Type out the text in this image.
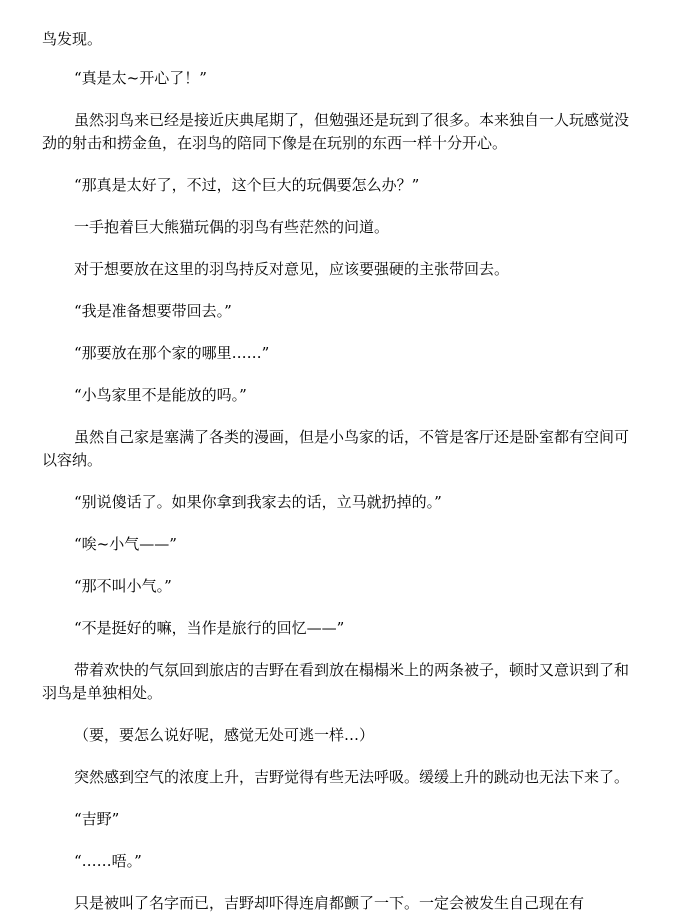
鸟发现。

“真是太~开心了！”

虽然羽鸟来已经是接近庆典尾期了，但勉强还是玩到了很多。本来独自一人玩感觉没劲的射击和捞金鱼，在羽鸟的陪同下像是在玩别的东西一样十分开心。

“那真是太好了，不过，这个巨大的玩偶要怎么办？”

一手抱着巨大熊猫玩偶的羽鸟有些茫然的问道。

对于想要放在这里的羽鸟持反对意见，应该要强硬的主张带回去。

“我是准备想要带回去。”

“那要放在那个家的哪里……”

“小鸟家里不是能放的吗。”

虽然自己家是塞满了各类的漫画，但是小鸟家的话，不管是客厅还是卧室都有空间可以容纳。

“别说傻话了。如果你拿到我家去的话，立马就扔掉的。”

“唉~小气——”

“那不叫小气。”

“不是挺好的嘛，当作是旅行的回忆——”

带着欢快的气氛回到旅店的吉野在看到放在榻榻米上的两条被子，顿时又意识到了和羽鸟是单独相处。

（要，要怎么说好呢，感觉无处可逃一样…）

突然感到空气的浓度上升，吉野觉得有些无法呼吸。缓缓上升的跳动也无法下来了。

“吉野”

“……唔。”

只是被叫了名字而已，吉野却吓得连肩都颤了一下。一定会被发生自己现在有
